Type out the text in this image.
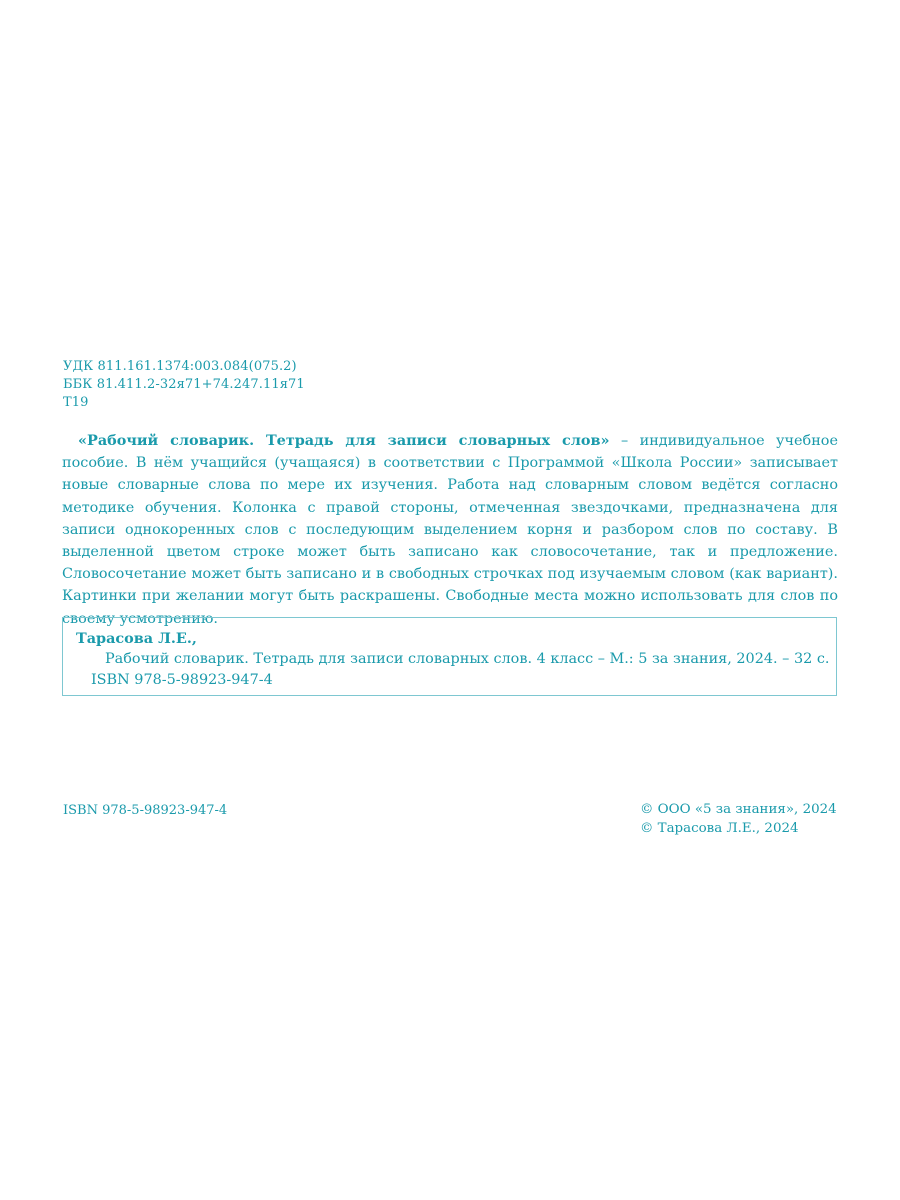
УДК 811.161.1374:003.084(075.2)
ББК 81.411.2-32я71+74.247.11я71
Т19

«Рабочий словарик. Тетрадь для записи словарных слов» – индивидуальное учебное пособие. В нём учащийся (учащаяся) в соответствии с Программой «Школа России» записывает новые словарные слова по мере их изучения. Работа над словарным словом ведётся согласно методике обучения. Колонка с правой стороны, отмеченная звездочками, предназначена для записи однокоренных слов с последующим выделением корня и разбором слов по составу. В выделенной цветом строке может быть записано как словосочетание, так и предложение. Словосочетание может быть записано и в свободных строчках под изучаемым словом (как вариант). Картинки при желании могут быть раскрашены. Свободные места можно использовать для слов по своему усмотрению.

Тарасова Л.Е.,
Рабочий словарик. Тетрадь для записи словарных слов. 4 класс – М.: 5 за знания, 2024. – 32 с.
ISBN 978-5-98923-947-4
ISBN 978-5-98923-947-4	© ООО «5 за знания», 2024
© Тарасова Л.Е., 2024
